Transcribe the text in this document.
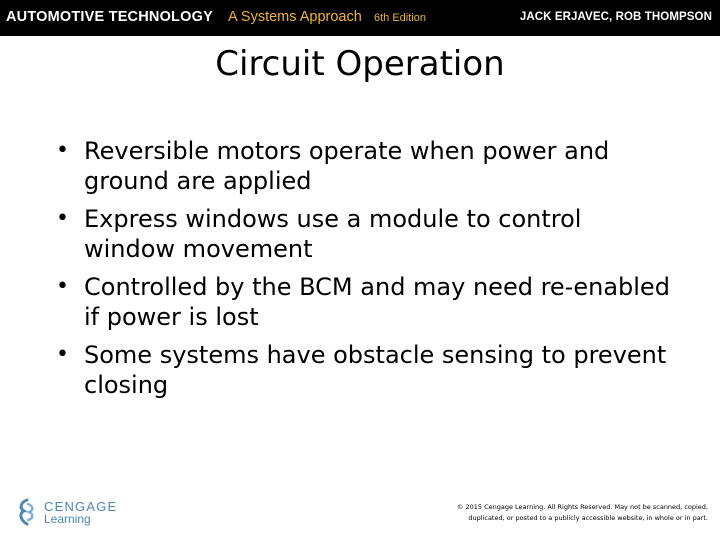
AUTOMOTIVE TECHNOLOGY A Systems Approach 6th Edition	JACK ERJAVEC, ROB THOMPSON
Circuit Operation
• Reversible motors operate when power and ground are applied
• Express windows use a module to control window movement
• Controlled by the BCM and may need re-enabled if power is lost
• Some systems have obstacle sensing to prevent closing
CENGAGE
Learning
© 2015 Cengage Learning. All Rights Reserved. May not be scanned, copied,
duplicated, or posted to a publicly accessible website, in whole or in part.
